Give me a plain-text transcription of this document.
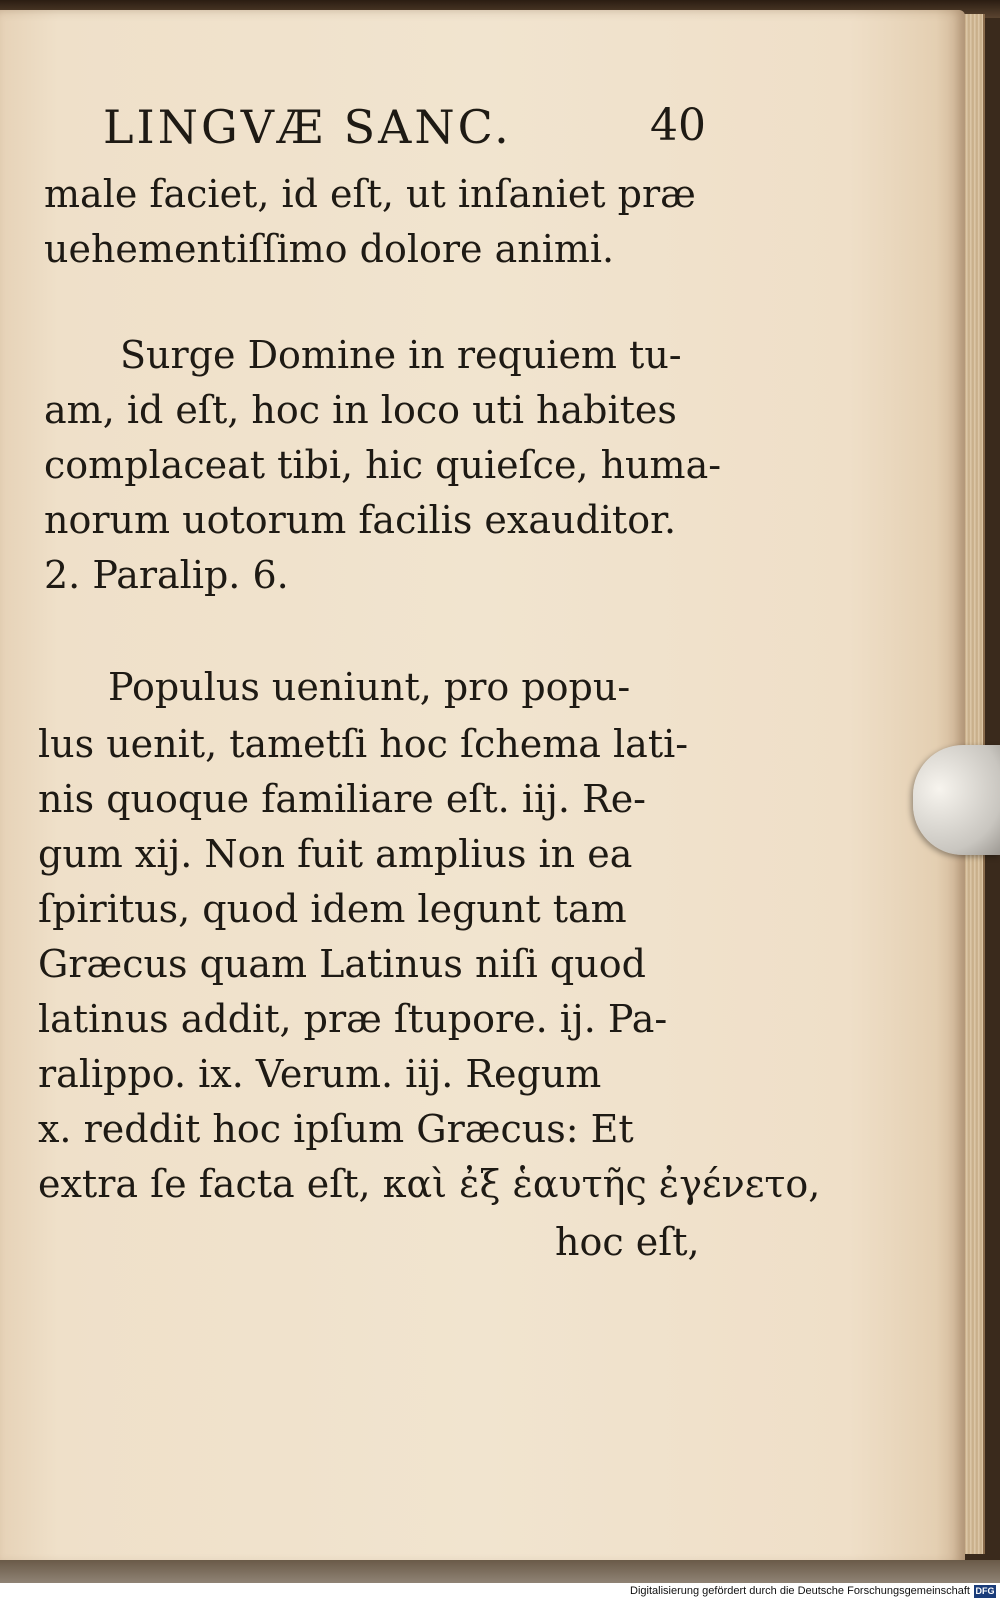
LINGVÆ SANC.	40
male faciet, id eſt, ut inſaniet præ
uehementiſſimo dolore animi.
Surge Domine in requiem tu-
am, id eſt, hoc in loco uti habites
complaceat tibi, hic quieſce, huma-
norum uotorum facilis exauditor.
2. Paralip. 6.
Populus ueniunt, pro popu-
lus uenit, tametſi hoc ſchema lati-
nis quoque familiare eſt. iij. Re-
gum xij. Non fuit amplius in ea
ſpiritus, quod idem legunt tam
Græcus quam Latinus niſi quod
latinus addit, præ ſtupore. ij. Pa-
ralippo. ix. Verum. iij. Regum
x. reddit hoc ipſum Græcus: Et
extra ſe facta eſt, καὶ ἐξ ἑαυτῆς ἐγένετο,
hoc eſt,
Digitalisierung gefördert durch die Deutsche Forschungsgemeinschaft DFG
